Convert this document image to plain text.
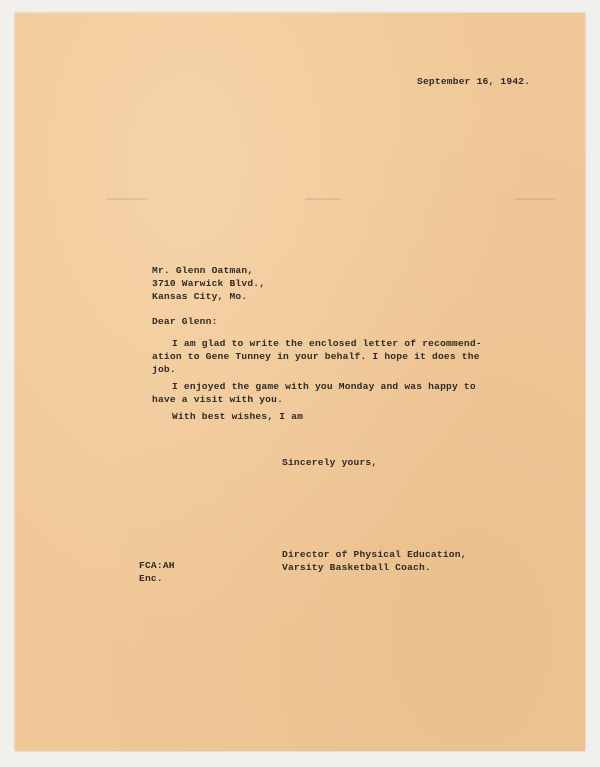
September 16, 1942.

Mr. Glenn Oatman,

3710 Warwick Blvd.,

Kansas City, Mo.

Dear Glenn:

I am glad to write the enclosed letter of recommend-

ation to Gene Tunney in your behalf. I hope it does the

job.

I enjoyed the game with you Monday and was happy to

have a visit with you.

With best wishes, I am

Sincerely yours,

Director of Physical Education,

Varsity Basketball Coach.

FCA:AH

Enc.
